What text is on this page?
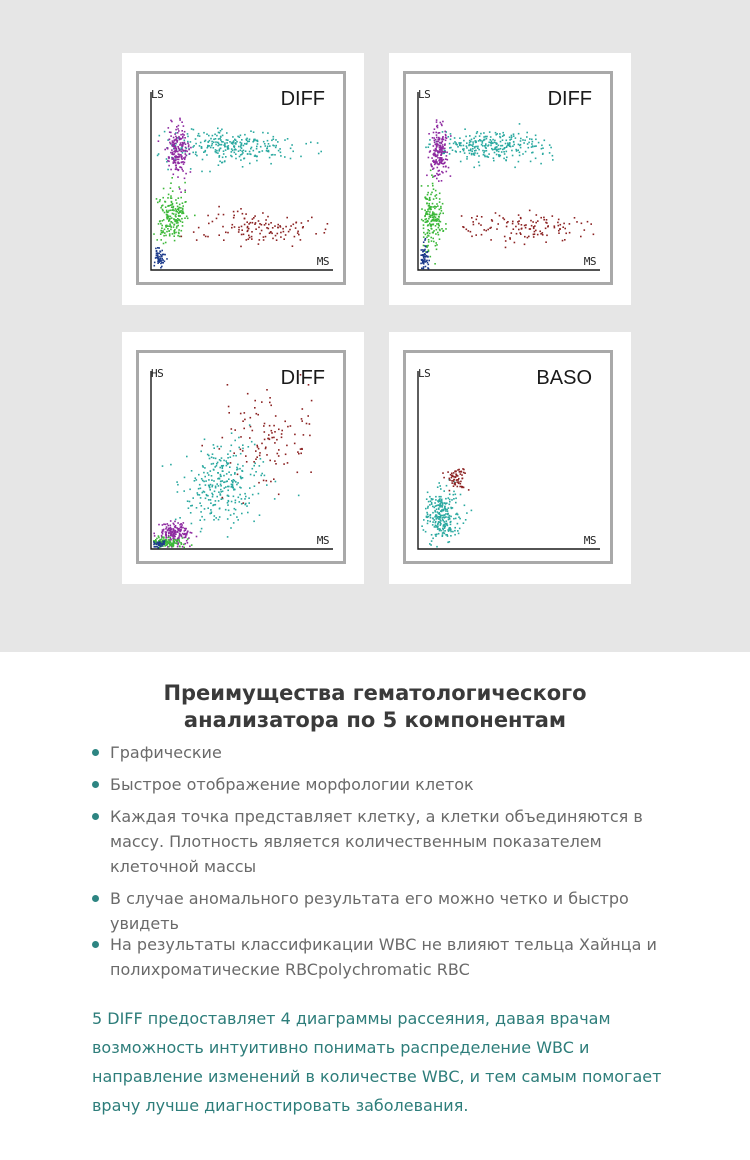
DIFF
LS
MS
DIFF
LS
MS
DIFF
HS
MS
BASO
LS
MS
Преимущества гематологического
анализатора по 5 компонентам
Графические
Быстрое отображение морфологии клеток
Каждая точка представляет клетку, а клетки объединяются в массу. Плотность является количественным показателем клеточной массы
В случае аномального результата его можно четко и быстро увидеть
На результаты классификации WBC не влияют тельца Хайнца и полихроматические RBCpolychromatic RBC
5 DIFF предоставляет 4 диаграммы рассеяния, давая врачам возможность интуитивно понимать распределение WBC и направление изменений в количестве WBC, и тем самым помогает врачу лучше диагностировать заболевания.
